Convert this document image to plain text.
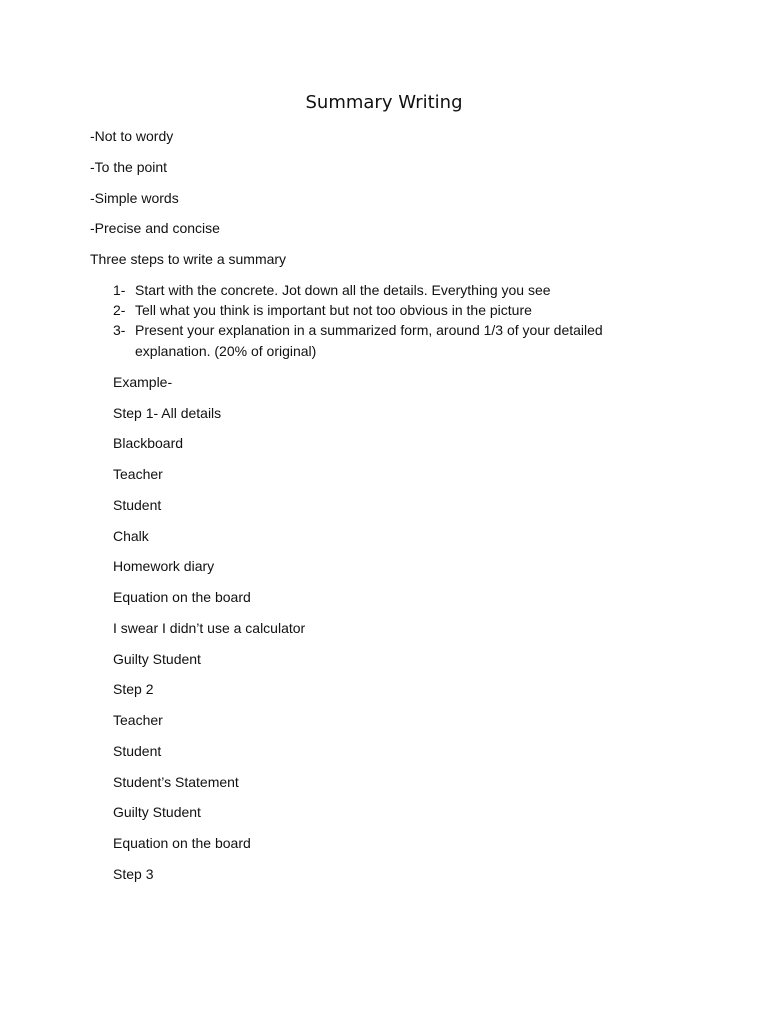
Summary Writing
-Not to wordy
-To the point
-Simple words
-Precise and concise
Three steps to write a summary
1- Start with the concrete. Jot down all the details. Everything you see
2- Tell what you think is important but not too obvious in the picture
3- Present your explanation in a summarized form, around 1/3 of your detailed explanation. (20% of original)
Example-
Step 1- All details
Blackboard
Teacher
Student
Chalk
Homework diary
Equation on the board
I swear I didn’t use a calculator
Guilty Student
Step 2
Teacher
Student
Student’s Statement
Guilty Student
Equation on the board
Step 3
